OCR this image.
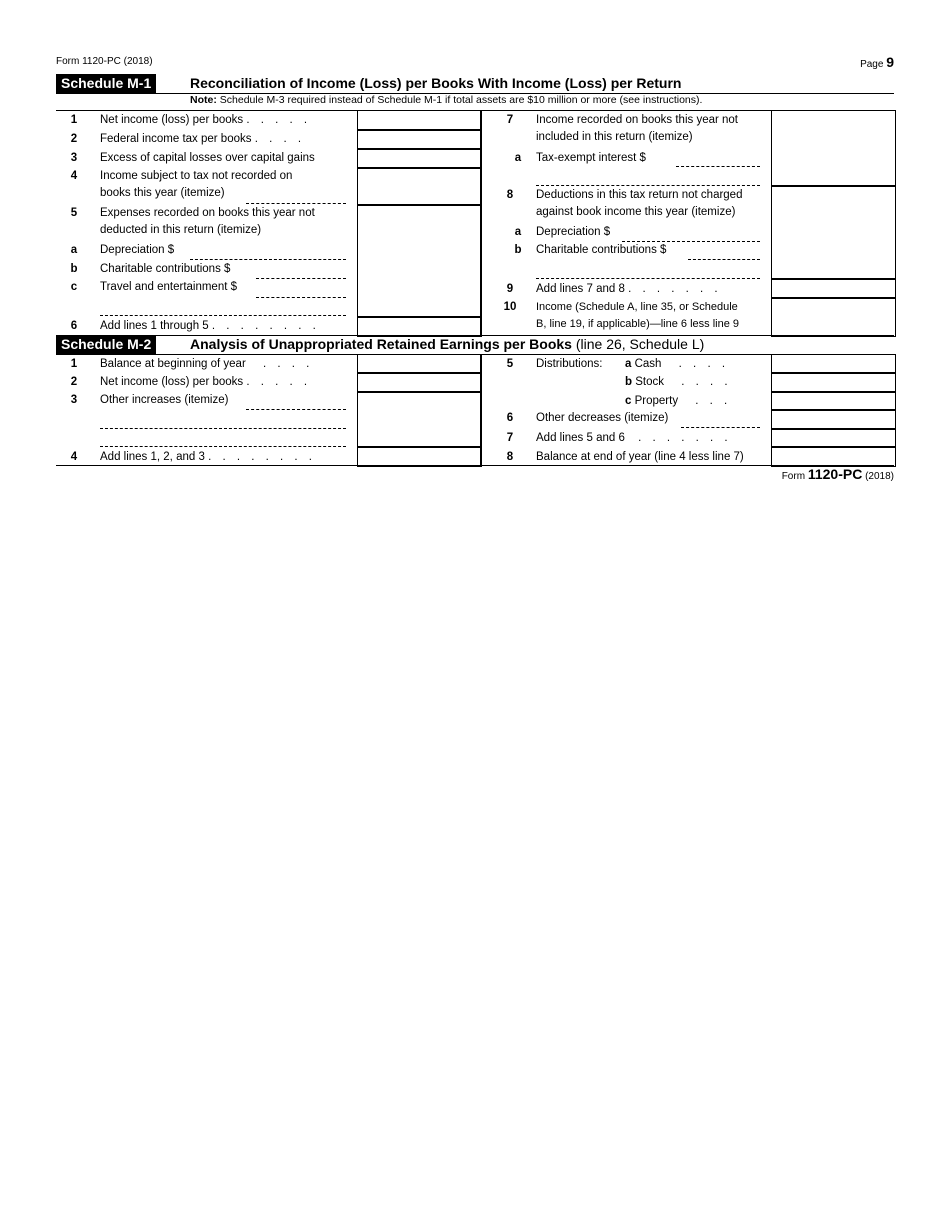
Form 1120-PC (2018)	Page 9
Schedule M-1	Reconciliation of Income (Loss) per Books With Income (Loss) per Return
Note: Schedule M-3 required instead of Schedule M-1 if total assets are $10 million or more (see instructions).
1	Net income (loss) per books . . . . .
2	Federal income tax per books . . . .
3	Excess of capital losses over capital gains
4	Income subject to tax not recorded on
books this year (itemize)
5	Expenses recorded on books this year not
deducted in this return (itemize)
a	Depreciation $
b	Charitable contributions $
c	Travel and entertainment $
6	Add lines 1 through 5 . . . . . . . .
7	Income recorded on books this year not
included in this return (itemize)
a	Tax-exempt interest $
8	Deductions in this tax return not charged
against book income this year (itemize)
a	Depreciation $
b	Charitable contributions $
9	Add lines 7 and 8 . . . . . . .
10	Income (Schedule A, line 35, or Schedule
B, line 19, if applicable)—line 6 less line 9
Schedule M-2	Analysis of Unappropriated Retained Earnings per Books (line 26, Schedule L)
1	Balance at beginning of year . . . .
2	Net income (loss) per books . . . . .
3	Other increases (itemize)
4	Add lines 1, 2, and 3 . . . . . . . .
5	Distributions: a Cash . . . .
b Stock . . . .
c Property . . .
6	Other decreases (itemize)
7	Add lines 5 and 6 . . . . . . .
8	Balance at end of year (line 4 less line 7)
Form 1120-PC (2018)
